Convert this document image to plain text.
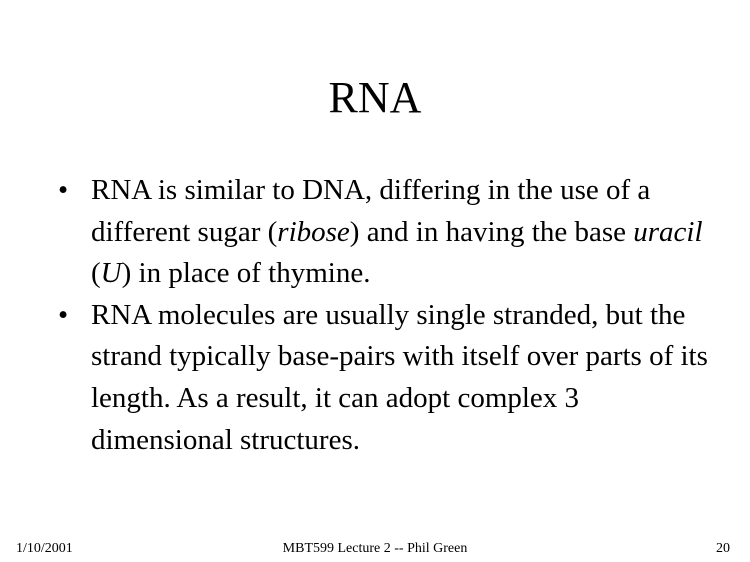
RNA
• RNA is similar to DNA, differing in the use of a different sugar (ribose) and in having the base uracil (U) in place of thymine.
• RNA molecules are usually single stranded, but the strand typically base-pairs with itself over parts of its length. As a result, it can adopt complex 3 dimensional structures.
1/10/2001	MBT599 Lecture 2 -- Phil Green	20
